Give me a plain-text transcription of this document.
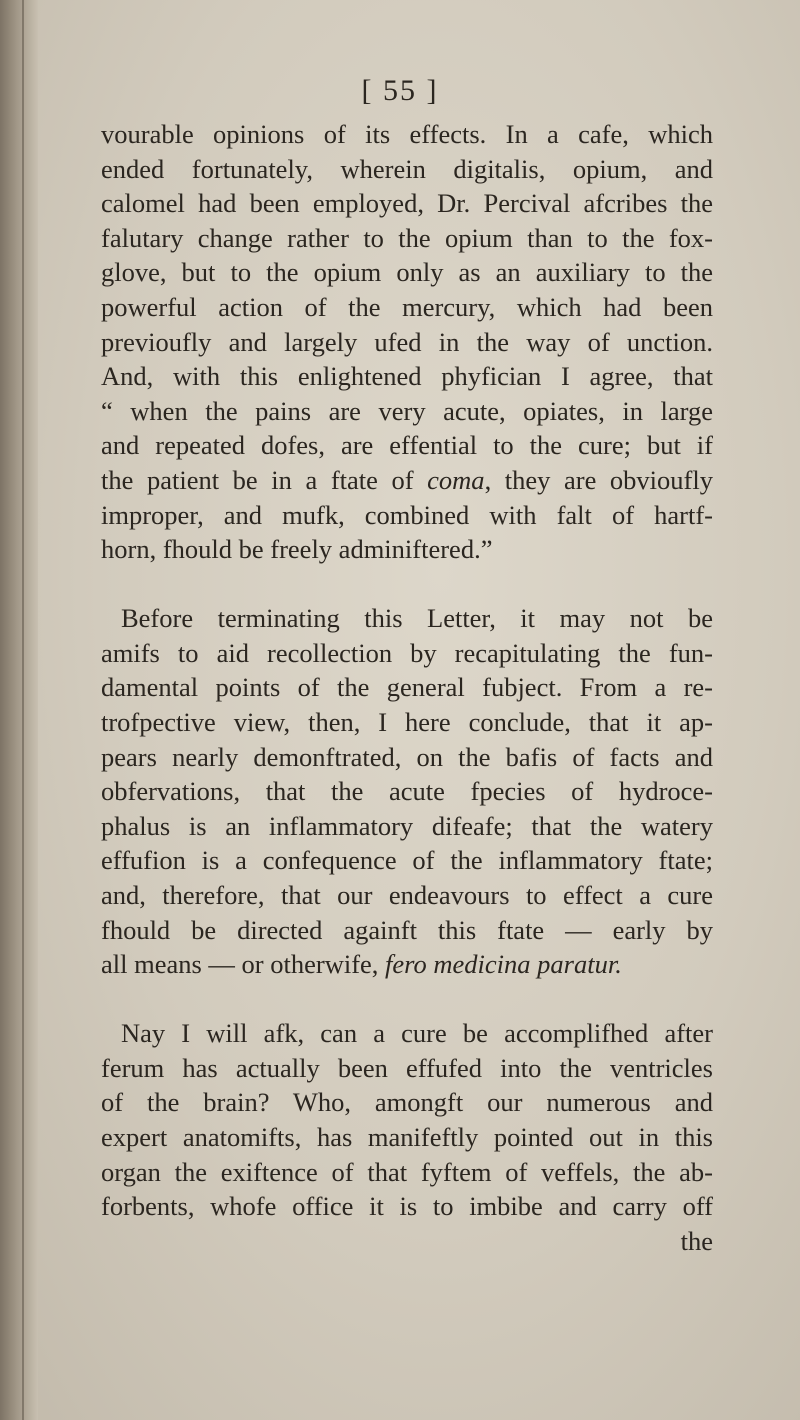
[ 55 ]
vourable opinions of its effects. In a cafe, which
ended fortunately, wherein digitalis, opium, and
calomel had been employed, Dr. Percival afcribes the
falutary change rather to the opium than to the fox-
glove, but to the opium only as an auxiliary to the
powerful action of the mercury, which had been
previoufly and largely ufed in the way of unction.
And, with this enlightened phyfician I agree, that
“ when the pains are very acute, opiates, in large
and repeated dofes, are effential to the cure; but if
the patient be in a ftate of coma, they are obvioufly
improper, and mufk, combined with falt of hartf-
horn, fhould be freely adminiftered.”
Before terminating this Letter, it may not be
amifs to aid recollection by recapitulating the fun-
damental points of the general fubject. From a re-
trofpective view, then, I here conclude, that it ap-
pears nearly demonftrated, on the bafis of facts and
obfervations, that the acute fpecies of hydroce-
phalus is an inflammatory difeafe; that the watery
effufion is a confequence of the inflammatory ftate;
and, therefore, that our endeavours to effect a cure
fhould be directed againft this ftate — early by
all means — or otherwife, fero medicina paratur.
Nay I will afk, can a cure be accomplifhed after
ferum has actually been effufed into the ventricles
of the brain? Who, amongft our numerous and
expert anatomifts, has manifeftly pointed out in this
organ the exiftence of that fyftem of veffels, the ab-
forbents, whofe office it is to imbibe and carry off
the
